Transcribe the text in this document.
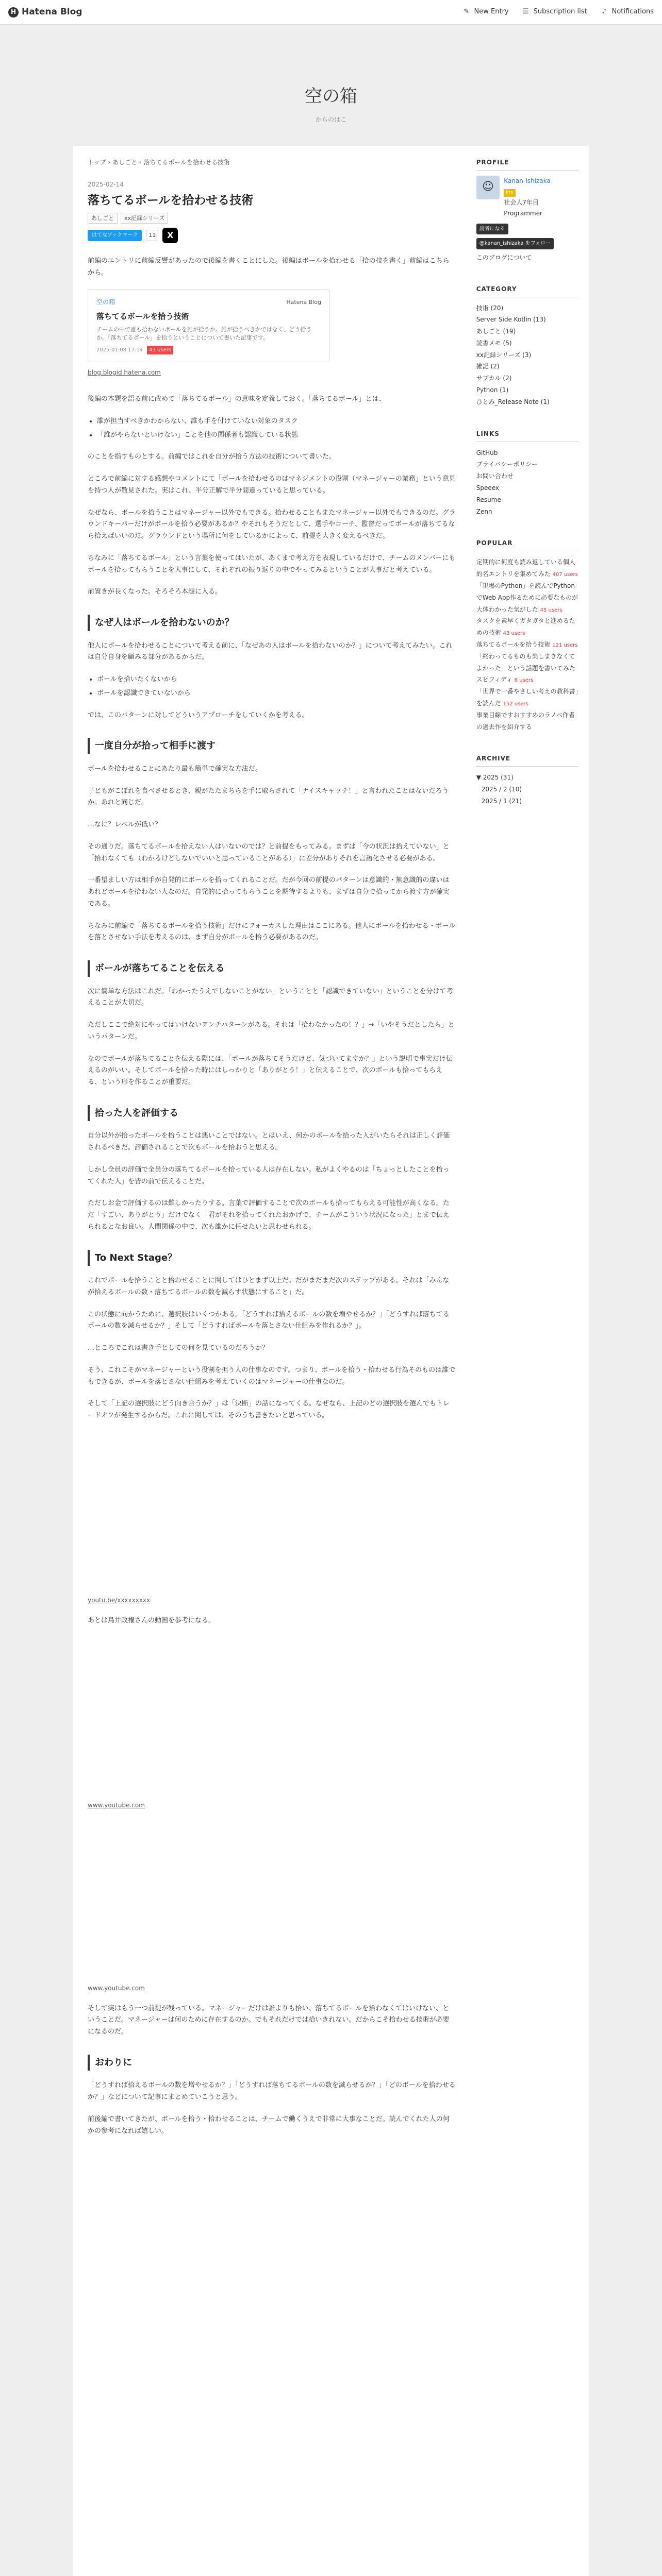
H Hatena Blog	✎ New Entry ☰ Subscription list	♪ Notifications
空の箱
からのはこ
トップ › あしごと › 落ちてるボールを拾わせる技術
2025-02-14
落ちてるボールを拾わせる技術
あしごと	xx記録シリーズ
はてなブックマーク	11	X

前編のエントリに前編反響があったので後編を書くことにした。後編はボールを拾わせる「拾の技を書く」前編はこちらから。

空の箱	Hatena Blog
落ちてるボールを拾う技術
チームの中で誰も拾わないボールを誰が拾うか。誰が拾うべきかではなく、どう拾うか。「落ちてるボール」を拾うということについて書いた記事です。
2025-01-08 17:14	43 users
blog.blogid.hatena.com

後編の本題を語る前に改めて「落ちてるボール」の意味を定義しておく。「落ちてるボール」とは、

• 誰が担当すべきかわからない、誰も手を付けていない対象のタスク
• 「誰がやらないといけない」ことを他の関係者も認識している状態

のことを指すものとする。前編ではこれを自分が拾う方法の技術について書いた。

ところで前編に対する感想やコメントにて「ボールを拾わせるのはマネジメントの役割（マネージャーの業務」という意見を持つ人が散見された。実はこれ、半分正解で半分間違っていると思っている。

なぜなら、ボールを拾うことはマネージャー以外でもできる。拾わせることもまたマネージャー以外でもできるのだ。グラウンドキーパーだけがボールを拾う必要があるか？やそれもそうだとして、選手やコーチ、監督だってボールが落ちてるなら拾えばいいのだ。グラウンドという場所に何をしているかによって、前提を大きく変えるべきだ。

ちなみに「落ちてるボール」という言葉を使ってはいたが、あくまで考え方を表現しているだけで、チームのメンバーにもボールを拾ってもらうことを大事にして、それぞれの振り返りの中でやってみるということが大事だと考えている。

前置きが長くなった。そろそろ本題に入る。

なぜ人はボールを拾わないのか？

他人にボールを拾わせることについて考える前に、「なぜあの人はボールを拾わないのか？」について考えてみたい。これは自分自身を顧みる部分があるからだ。

• ボールを拾いたくないから
• ボールを認識できていないから

では、このパターンに対してどういうアプローチをしていくかを考える。

一度自分が拾って相手に渡す

ボールを拾わせることにあたり最も簡単で確実な方法だ。

子どもがこぼれを食べさせるとき、親がたたまちらを手に取らされて「ナイスキャッチ！」と言われたことはないだろうか。あれと同じだ。

…なに？レベルが低い？

その通りだ。落ちてるボールを拾えない人はいないのでは？と前提をもってみる。まずは「今の状況は拾えていない」と「拾わなくても（わかるけどしないでいいと思っていることがある）」に差分がありそれを言語化させる必要がある。

一番望ましい方は相手が自発的にボールを拾ってくれることだ。だが今回の前提のパターンは意識的・無意識的の違いはあれどボールを拾わない人なのだ。自発的に拾ってもらうことを期待するよりも、まずは自分で拾ってから渡す方が確実である。

ちなみに前編で「落ちてるボールを拾う技術」だけにフォーカスした理由はここにある。他人にボールを拾わせる・ボールを落とさせない手法を考えるのは、まず自分がボールを拾う必要があるのだ。

ボールが落ちてることを伝える

次に簡単な方法はこれだ。「わかったうえでしないことがない」ということと「認識できていない」ということを分けて考えることが大切だ。

ただしここで絶対にやってはいけないアンチパターンがある。それは「拾わなかったの！？」→「いやそうだとしたら」というパターンだ。

なのでボールが落ちてることを伝える際には、「ボールが落ちてそうだけど、気づいてますか？」という説明で事実だけ伝えるのがいい。そしてボールを拾った時にはしっかりと「ありがとう！」と伝えることで、次のボールも拾ってもらえる、という形を作ることが重要だ。

拾った人を評価する

自分以外が拾ったボールを拾うことは悪いことではない。とはいえ、何かのボールを拾った人がいたらそれは正しく評価されるべきだ。評価されることで次もボールを拾おうと思える。

しかし全員の評価で全員分の落ちてるボールを拾っている人は存在しない。私がよくやるのは「ちょっとしたことを拾ってくれた人」を皆の前で伝えることだ。

ただしお金で評価するのは難しかったりする。言葉で評価することで次のボールも拾ってもらえる可能性が高くなる。ただ「すごい、ありがとう」だけでなく「君がそれを拾ってくれたおかげで、チームがこういう状況になった」とまで伝えられるとなお良い。人間関係の中で、次も誰かに任せたいと思わせられる。

To Next Stage？

これでボールを拾うことと拾わせることに関してはひとまず以上だ。だがまだまだ次のステップがある。それは「みんなが拾えるボールの数・落ちてるボールの数を減らす状態にすること」だ。

この状態に向かうために、選択肢はいくつかある。「どうすれば拾えるボールの数を増やせるか？」「どうすれば落ちてるボールの数を減らせるか？」そして「どうすればボールを落とさない仕組みを作れるか？」。

…ところでこれは書き手としての何を見ているのだろうか？

そう、これこそがマネージャーという役割を担う人の仕事なのです。つまり、ボールを拾う・拾わせる行為そのものは誰でもできるが、ボールを落とさない仕組みを考えていくのはマネージャーの仕事なのだ。

そして「上記の選択肢にどう向き合うか？」は「決断」の話になってくる。なぜなら、上記のどの選択肢を選んでもトレードオフが発生するからだ。これに関しては、そのうち書きたいと思っている。

youtu.be/xxxxxxxxx

あとは鳥井政権さんの動画を参考になる。

www.youtube.com
www.youtube.com

そして実はもう一つ前提が残っている。マネージャーだけは誰よりも拾い、落ちてるボールを拾わなくてはいけない、ということだ。マネージャーは何のために存在するのか。でもそれだけでは拾いきれない。だからこそ拾わせる技術が必要になるのだ。

おわりに

「どうすれば拾えるボールの数を増やせるか？」「どうすれば落ちてるボールの数を減らせるか？」「どのボールを拾わせるか？」などについて記事にまとめていこうと思う。

前後編で書いてきたが、ボールを拾う・拾わせることは、チームで働くうえで非常に大事なことだ。読んでくれた人の何かの参考になれば嬉しい。

PROFILE
☺	Kanan-Ishizaka
Pro
社会人7年目 Programmer
読者になる
@kanan_ishizaka をフォロー
このブログについて
CATEGORY
技術 (20)
Server Side Kotlin (13)
あしごと (19)
読書メモ (5)
xx記録シリーズ (3)
雑記 (2)
サブカル (2)
Python (1)
ひとみ_Release Note (1)
LINKS
GitHub
プライバシーポリシー
お問い合わせ
Speeex
Resume
Zenn
POPULAR
定期的に何度も読み返している個人的名エントリを集めてみた 407 users
「現場のPython」を読んでPythonでWeb App作るために必要なものが大体わかった気がした 45 users
タスクを素早くガタガタと進めるための技術 43 users
落ちてるボールを拾う技術 121 users
「終わってるものも楽しまきなくてよかった」という話題を書いてみたスピフィディ 6 users
「世界で一番やさしい考えの教科書」を読んだ 152 users
事業目線ですおすすめのラノベ作者の過去作を紹介する
ARCHIVE
▼ 2025 (31)
2025 / 2 (10)
2025 / 1 (21)
